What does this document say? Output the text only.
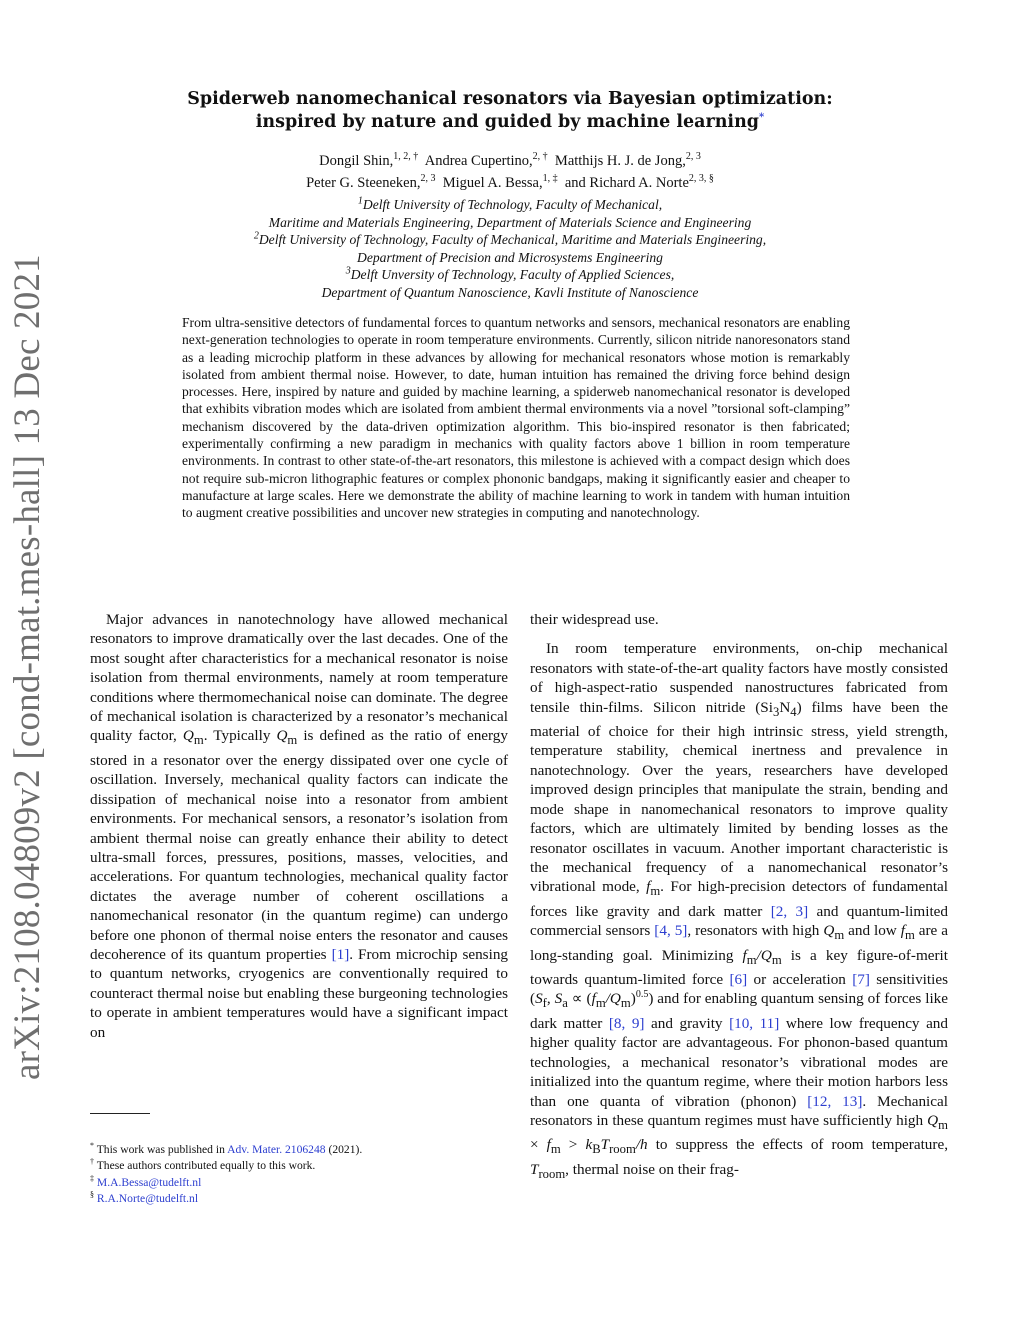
arXiv:2108.04809v2 [cond-mat.mes-hall] 13 Dec 2021
Spiderweb nanomechanical resonators via Bayesian optimization:
inspired by nature and guided by machine learning*
Dongil Shin,$^{1, 2, \dagger}$ Andrea Cupertino,$^{2, \dagger}$ Matthijs H. J. de Jong,$^{2, 3}$
Peter G. Steeneken,$^{2, 3}$ Miguel A. Bessa,$^{1, \ddagger}$ and Richard A. Norte$^{2, 3, \S}$
$^1$Delft University of Technology, Faculty of Mechanical,
Maritime and Materials Engineering, Department of Materials Science and Engineering
$^2$Delft University of Technology, Faculty of Mechanical, Maritime and Materials Engineering,
Department of Precision and Microsystems Engineering
$^3$Delft Unversity of Technology, Faculty of Applied Sciences,
Department of Quantum Nanoscience, Kavli Institute of Nanoscience
From ultra-sensitive detectors of fundamental forces to quantum networks and sensors, mechanical resonators are enabling next-generation technologies to operate in room temperature environments. Currently, silicon nitride nanoresonators stand as a leading microchip platform in these advances by allowing for mechanical resonators whose motion is remarkably isolated from ambient thermal noise. However, to date, human intuition has remained the driving force behind design processes. Here, inspired by nature and guided by machine learning, a spiderweb nanomechanical resonator is developed that exhibits vibration modes which are isolated from ambient thermal environments via a novel ”torsional soft-clamping” mechanism discovered by the data-driven optimization algorithm. This bio-inspired resonator is then fabricated; experimentally confirming a new paradigm in mechanics with quality factors above 1 billion in room temperature environments. In contrast to other state-of-the-art resonators, this milestone is achieved with a compact design which does not require sub-micron lithographic features or complex phononic bandgaps, making it significantly easier and cheaper to manufacture at large scales. Here we demonstrate the ability of machine learning to work in tandem with human intuition to augment creative possibilities and uncover new strategies in computing and nanotechnology.

Major advances in nanotechnology have allowed mechanical resonators to improve dramatically over the last decades. One of the most sought after characteristics for a mechanical resonator is noise isolation from thermal environments, namely at room temperature conditions where thermomechanical noise can dominate. The degree of mechanical isolation is characterized by a resonator’s mechanical quality factor, $Q_m$. Typically $Q_m$ is defined as the ratio of energy stored in a resonator over the energy dissipated over one cycle of oscillation. Inversely, mechanical quality factors can indicate the dissipation of mechanical noise into a resonator from ambient environments. For mechanical sensors, a resonator’s isolation from ambient thermal noise can greatly enhance their ability to detect ultra-small forces, pressures, positions, masses, velocities, and accelerations. For quantum technologies, mechanical quality factor dictates the average number of coherent oscillations a nanomechanical resonator (in the quantum regime) can undergo before one phonon of thermal noise enters the resonator and causes decoherence of its quantum properties [1]. From microchip sensing to quantum networks, cryogenics are conventionally required to counteract thermal noise but enabling these burgeoning technologies to operate in ambient temperatures would have a significant impact on

their widespread use.

In room temperature environments, on-chip mechanical resonators with state-of-the-art quality factors have mostly consisted of high-aspect-ratio suspended nanostructures fabricated from tensile thin-films. Silicon nitride $(Si_3N_4)$ films have been the material of choice for their high intrinsic stress, yield strength, temperature stability, chemical inertness and prevalence in nanotechnology. Over the years, researchers have developed improved design principles that manipulate the strain, bending and mode shape in nanomechanical resonators to improve quality factors, which are ultimately limited by bending losses as the resonator oscillates in vacuum. Another important characteristic is the mechanical frequency of a nanomechanical resonator’s vibrational mode, $f_m$. For high-precision detectors of fundamental forces like gravity and dark matter [2, 3] and quantum-limited commercial sensors [4, 5], resonators with high $Q_m$ and low $f_m$ are a long-standing goal. Minimizing $f_m/Q_m$ is a key figure-of-merit towards quantum-limited force [6] or acceleration [7] sensitivities ($S_f$, $S_a \propto (f_m/Q_m)^{0.5}$) and for enabling quantum sensing of forces like dark matter [8, 9] and gravity [10, 11] where low frequency and higher quality factor are advantageous. For phonon-based quantum technologies, a mechanical resonator’s vibrational modes are initialized into the quantum regime, where their motion harbors less than one quanta of vibration (phonon) [12, 13]. Mechanical resonators in these quantum regimes must have sufficiently high $Q_m \times f_m > k_BT_{room}/h$ to suppress the effects of room temperature, $T_{room}$, thermal noise on their frag-

* This work was published in Adv. Mater. 2106248 (2021).
† These authors contributed equally to this work.
‡ M.A.Bessa@tudelft.nl
§ R.A.Norte@tudelft.nl
